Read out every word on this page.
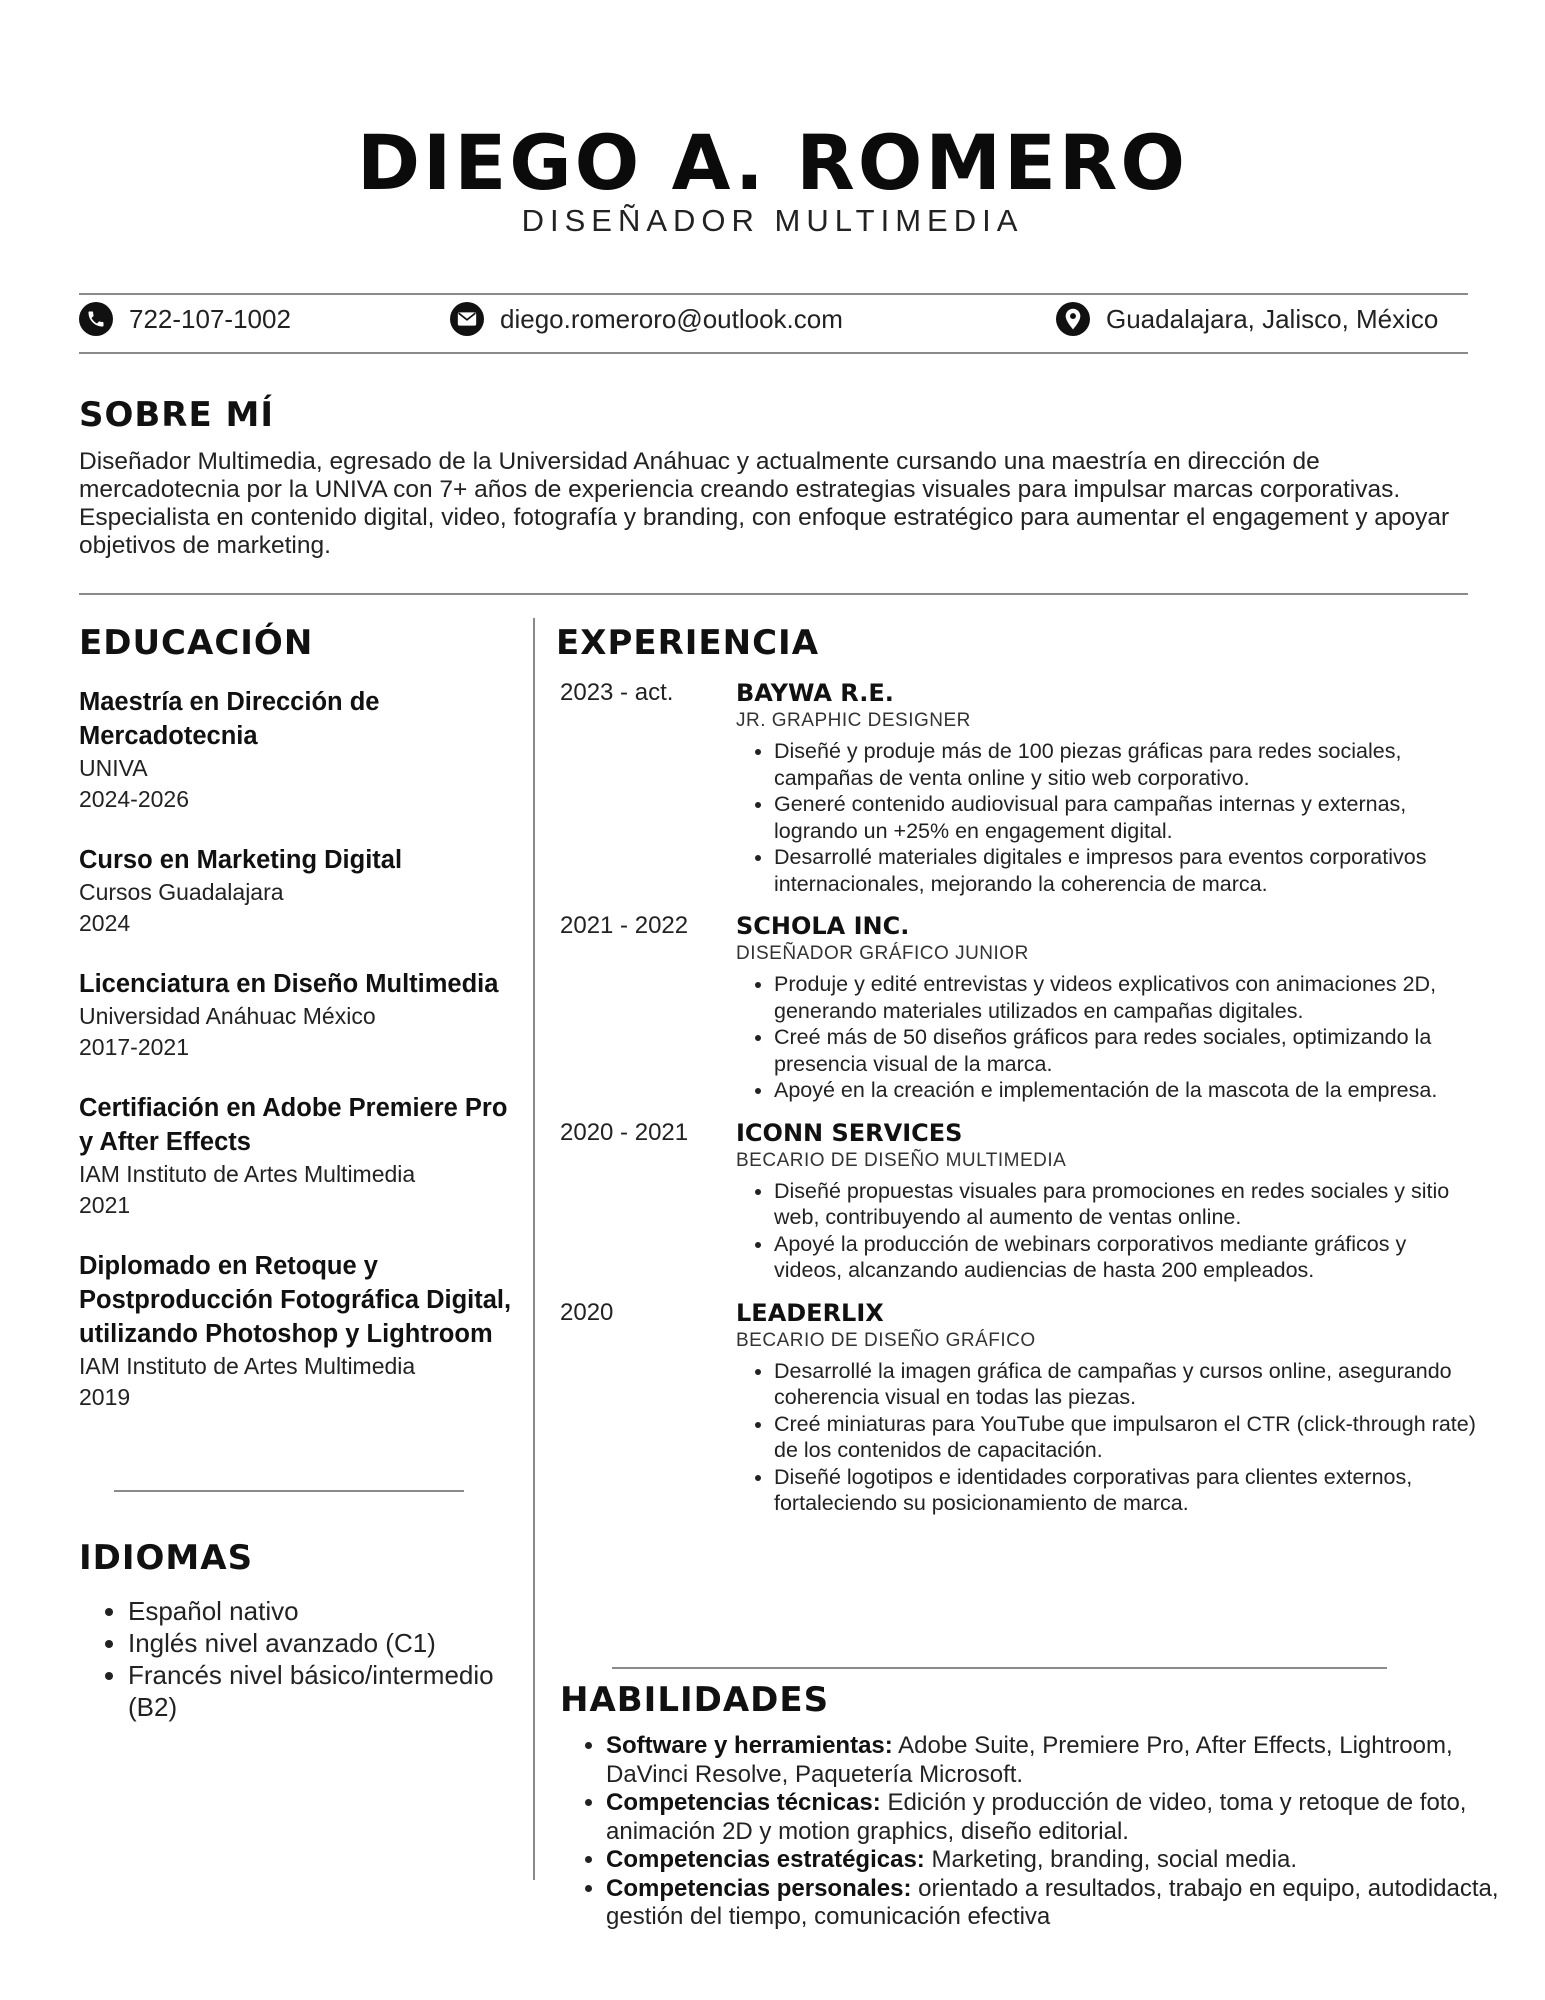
DIEGO A. ROMERO
DISEÑADOR MULTIMEDIA
722-107-1002	diego.romeroro@outlook.com	Guadalajara, Jalisco, México
SOBRE MÍ
Diseñador Multimedia, egresado de la Universidad Anáhuac y actualmente cursando una maestría en dirección de mercadotecnia por la UNIVA con 7+ años de experiencia creando estrategias visuales para impulsar marcas corporativas. Especialista en contenido digital, video, fotografía y branding, con enfoque estratégico para aumentar el engagement y apoyar objetivos de marketing.
EDUCACIÓN
Maestría en Dirección de Mercadotecnia
UNIVA
2024-2026
Curso en Marketing Digital
Cursos Guadalajara
2024
Licenciatura en Diseño Multimedia
Universidad Anáhuac México
2017-2021
Certifiación en Adobe Premiere Pro y After Effects
IAM Instituto de Artes Multimedia
2021
Diplomado en Retoque y Postproducción Fotográfica Digital, utilizando Photoshop y Lightroom
IAM Instituto de Artes Multimedia
2019
IDIOMAS
• Español nativo
• Inglés nivel avanzado (C1)
• Francés nivel básico/intermedio (B2)
EXPERIENCIA
2023 - act.	BAYWA R.E.
JR. GRAPHIC DESIGNER
• Diseñé y produje más de 100 piezas gráficas para redes sociales, campañas de venta online y sitio web corporativo.
• Generé contenido audiovisual para campañas internas y externas, logrando un +25% en engagement digital.
• Desarrollé materiales digitales e impresos para eventos corporativos internacionales, mejorando la coherencia de marca.
2021 - 2022	SCHOLA INC.
DISEÑADOR GRÁFICO JUNIOR
• Produje y edité entrevistas y videos explicativos con animaciones 2D, generando materiales utilizados en campañas digitales.
• Creé más de 50 diseños gráficos para redes sociales, optimizando la presencia visual de la marca.
• Apoyé en la creación e implementación de la mascota de la empresa.
2020 - 2021	ICONN SERVICES
BECARIO DE DISEÑO MULTIMEDIA
• Diseñé propuestas visuales para promociones en redes sociales y sitio web, contribuyendo al aumento de ventas online.
• Apoyé la producción de webinars corporativos mediante gráficos y videos, alcanzando audiencias de hasta 200 empleados.
2020	LEADERLIX
BECARIO DE DISEÑO GRÁFICO
• Desarrollé la imagen gráfica de campañas y cursos online, asegurando coherencia visual en todas las piezas.
• Creé miniaturas para YouTube que impulsaron el CTR (click-through rate) de los contenidos de capacitación.
• Diseñé logotipos e identidades corporativas para clientes externos, fortaleciendo su posicionamiento de marca.
HABILIDADES
• Software y herramientas: Adobe Suite, Premiere Pro, After Effects, Lightroom, DaVinci Resolve, Paquetería Microsoft.
• Competencias técnicas: Edición y producción de video, toma y retoque de foto, animación 2D y motion graphics, diseño editorial.
• Competencias estratégicas: Marketing, branding, social media.
• Competencias personales: orientado a resultados, trabajo en equipo, autodidacta, gestión del tiempo, comunicación efectiva
